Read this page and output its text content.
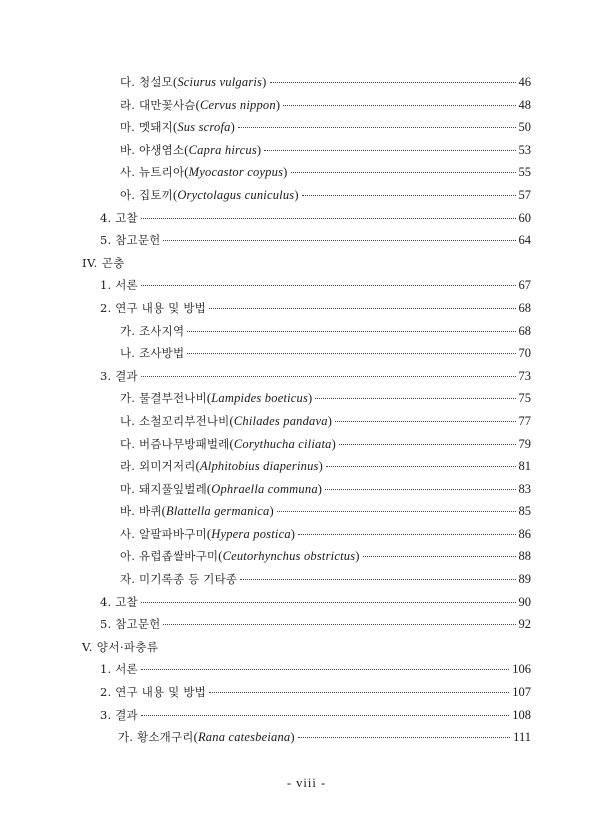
다. 청설모(Sciurus vulgaris)	46
라. 대만꽃사슴(Cervus nippon)	48
마. 멧돼지(Sus scrofa)	50
바. 야생염소(Capra hircus)	53
사. 뉴트리아(Myocastor coypus)	55
아. 집토끼(Oryctolagus cuniculus)	57
4. 고찰	60
5. 참고문헌	64
IV. 곤충
1. 서론	67
2. 연구 내용 및 방법	68
가. 조사지역	68
나. 조사방법	70
3. 결과	73
가. 물결부전나비(Lampides boeticus)	75
나. 소철꼬리부전나비(Chilades pandava)	77
다. 버즘나무방패벌레(Corythucha ciliata)	79
라. 외미거저리(Alphitobius diaperinus)	81
마. 돼지풀잎벌레(Ophraella communa)	83
바. 바퀴(Blattella germanica)	85
사. 알팔파바구미(Hypera postica)	86
아. 유럽좁쌀바구미(Ceutorhynchus obstrictus)	88
자. 미기록종 등 기타종	89
4. 고찰	90
5. 참고문헌	92
V. 양서·파충류
1. 서론	106
2. 연구 내용 및 방법	107
3. 결과	108
가. 황소개구리(Rana catesbeiana)	111
- viii -
